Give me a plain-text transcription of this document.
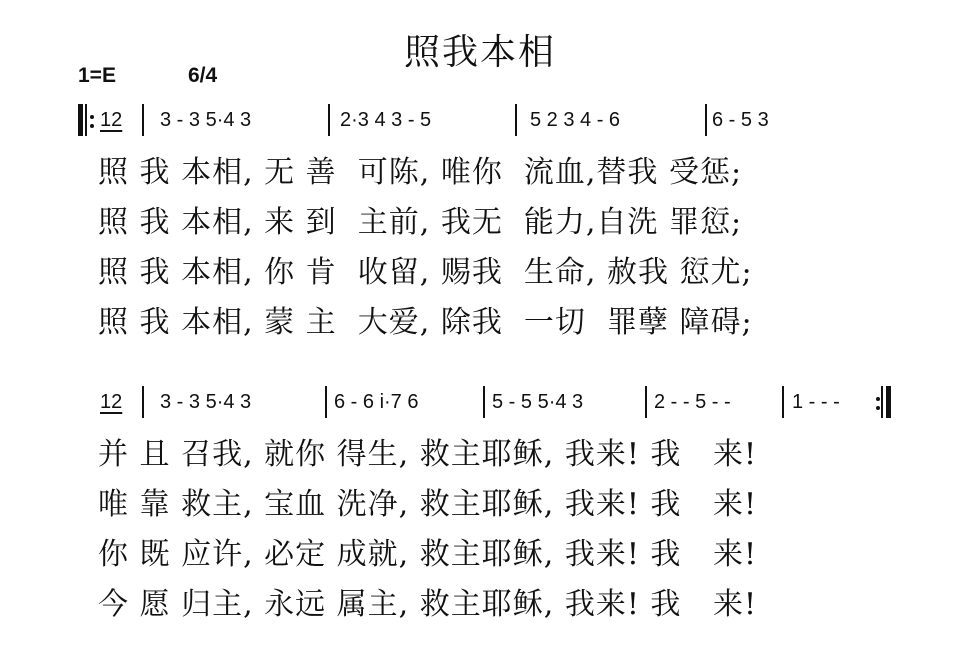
照我本相
1=E	6/4
12 3 - 3 5·4 3	2·3 4 3 - 5	5 2 3 4 - 6	6 - 5 3
照 我 本相, 无 善  可陈, 唯你  流血,替我 受惩;
照 我 本相, 来 到  主前, 我无  能力,自洗 罪愆;
照 我 本相, 你 肯  收留, 赐我  生命, 赦我 愆尤;
照 我 本相, 蒙 主  大爱, 除我  一切  罪孽 障碍;
12 3 - 3 5·4 3	6 - 6 i·7 6	5 - 5 5·4 3	2 - - 5 - -	1 - - -
并 且 召我, 就你 得生, 救主耶稣, 我来! 我   来!
唯 靠 救主, 宝血 洗净, 救主耶稣, 我来! 我   来!
你 既 应许, 必定 成就, 救主耶稣, 我来! 我   来!
今 愿 归主, 永远 属主, 救主耶稣, 我来! 我   来!
